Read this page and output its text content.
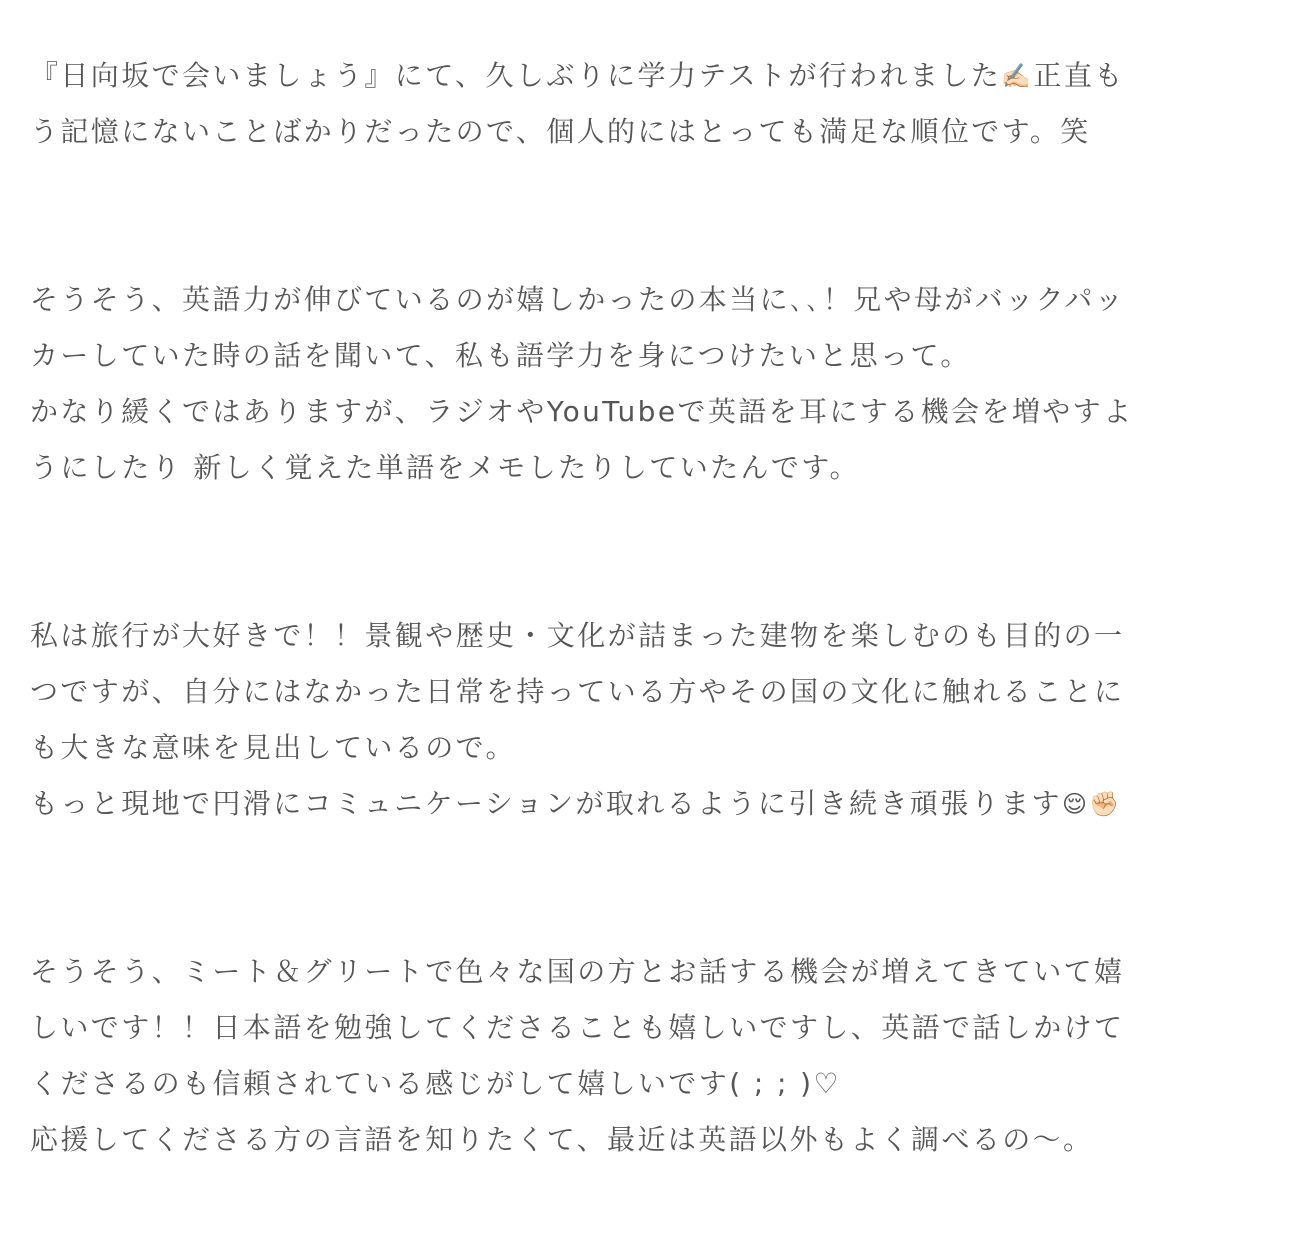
『日向坂で会いましょう』にて、久しぶりに学力テストが行われました✍🏻正直も
う記憶にないことばかりだったので、個人的にはとっても満足な順位です。笑
そうそう、英語力が伸びているのが嬉しかったの本当に､､！兄や母がバックパッ
カーしていた時の話を聞いて、私も語学力を身につけたいと思って。
かなり緩くではありますが、ラジオやYouTubeで英語を耳にする機会を増やすよ
うにしたり 新しく覚えた単語をメモしたりしていたんです。
私は旅行が大好きで！！景観や歴史・文化が詰まった建物を楽しむのも目的の一
つですが、自分にはなかった日常を持っている方やその国の文化に触れることに
も大きな意味を見出しているので。
もっと現地で円滑にコミュニケーションが取れるように引き続き頑張ります😌✊🏻
そうそう、ミート＆グリートで色々な国の方とお話する機会が増えてきていて嬉
しいです！！日本語を勉強してくださることも嬉しいですし、英語で話しかけて
くださるのも信頼されている感じがして嬉しいです( ; ; )♡
応援してくださる方の言語を知りたくて、最近は英語以外もよく調べるの〜。
